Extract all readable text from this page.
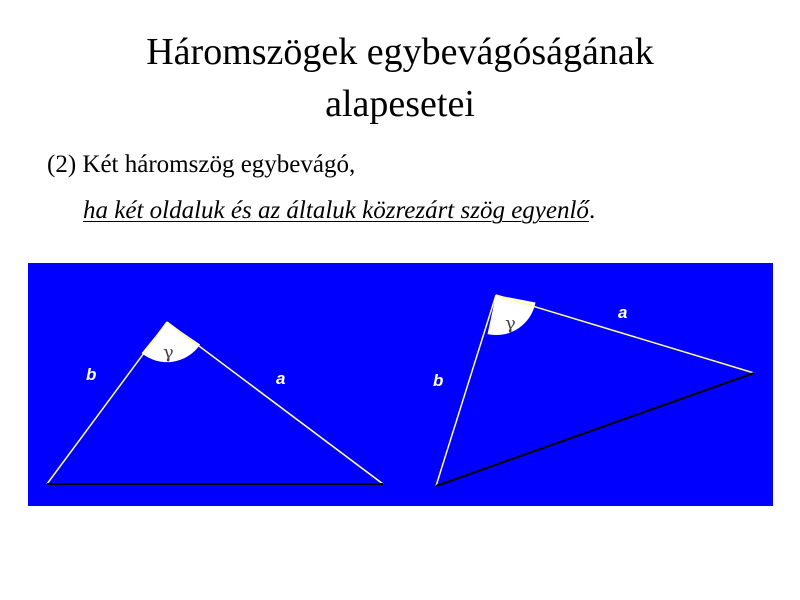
Háromszögek egybevágóságának
alapesetei
(2) Két háromszög egybevágó,
ha két oldaluk és az általuk közrezárt szög egyenlő.
b	a
γ
b
a
γ
